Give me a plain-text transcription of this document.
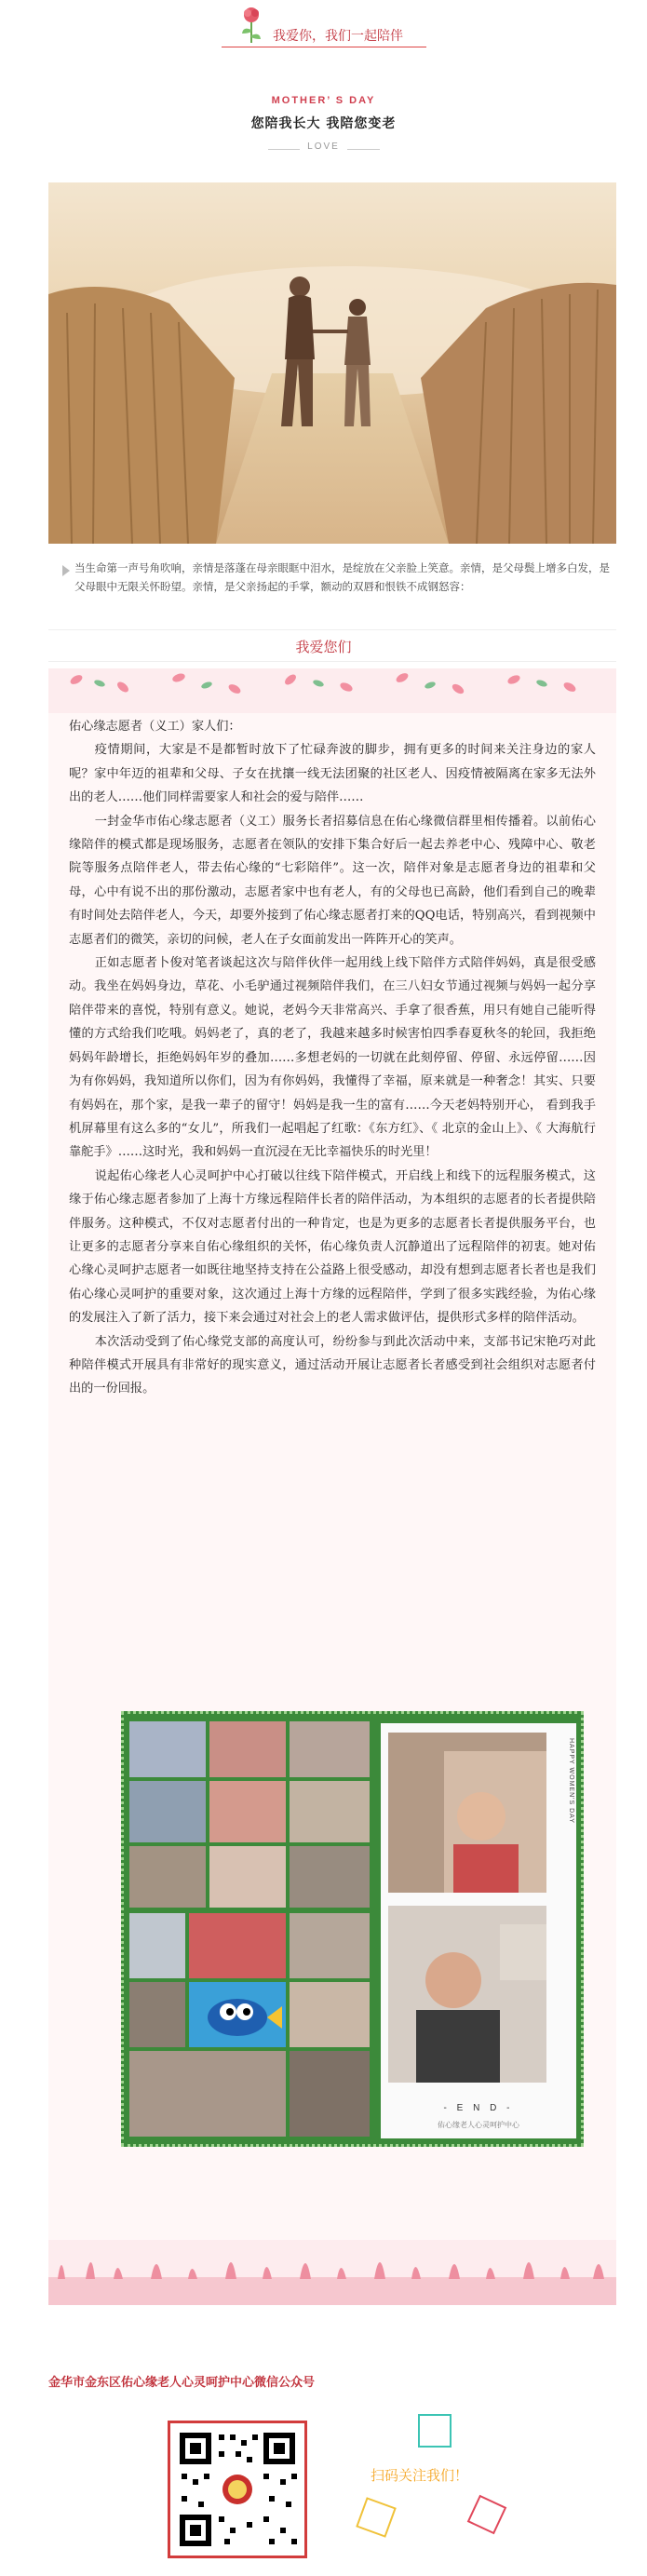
我爱你，我们一起陪伴
MOTHER’ S DAY
您陪我长大 我陪您变老
LOVE
当生命第一声号角吹响，亲情是落蓬在母亲眼眶中泪水，是绽放在父亲脸上笑意。亲情，是父母鬓上增多白发，是父母眼中无限关怀盼望。亲情，是父亲扬起的手掌，额动的双唇和恨铁不成钢怒容：
我爱您们

佑心缘志愿者（义工）家人们：

疫情期间，大家是不是都暂时放下了忙碌奔波的脚步，拥有更多的时间来关注身边的家人呢？家中年迈的祖辈和父母、子女在扰攘一线无法团聚的社区老人、因疫情被隔离在家多无法外出的老人……他们同样需要家人和社会的爱与陪伴……

一封金华市佑心缘志愿者（义工）服务长者招募信息在佑心缘微信群里相传播着。以前佑心缘陪伴的模式都是现场服务，志愿者在领队的安排下集合好后一起去养老中心、残障中心、敬老院等服务点陪伴老人，带去佑心缘的“七彩陪伴”。这一次，陪伴对象是志愿者身边的祖辈和父母，心中有说不出的那份激动，志愿者家中也有老人，有的父母也已高龄，他们看到自己的晚辈有时间处去陪伴老人，今天，却要外接到了佑心缘志愿者打来的QQ电话，特别高兴，看到视频中志愿者们的微笑，亲切的问候，老人在子女面前发出一阵阵开心的笑声。

正如志愿者卜俊对笔者谈起这次与陪伴伙伴一起用线上线下陪伴方式陪伴妈妈，真是很受感动。我坐在妈妈身边，草花、小毛驴通过视频陪伴我们，在三八妇女节通过视频与妈妈一起分享陪伴带来的喜悦，特别有意义。她说，老妈今天非常高兴、手拿了很香蕉，用只有她自己能听得懂的方式给我们吃哦。妈妈老了，真的老了，我越来越多时候害怕四季春夏秋冬的轮回，我拒绝妈妈年龄增长，拒绝妈妈年岁的叠加……多想老妈的一切就在此刻停留、停留、永远停留……因为有你妈妈，我知道所以你们，因为有你妈妈，我懂得了幸福，原来就是一种奢念！其实、只要有妈妈在，那个家，是我一辈子的留守！妈妈是我一生的富有……今天老妈特别开心， 看到我手机屏幕里有这么多的“女儿”，所我们一起唱起了红歌：《东方红》、《 北京的金山上》、《 大海航行靠舵手》……这时光，我和妈妈一直沉浸在无比幸福快乐的时光里！

说起佑心缘老人心灵呵护中心打破以往线下陪伴模式，开启线上和线下的远程服务模式，这缘于佑心缘志愿者参加了上海十方缘远程陪伴长者的陪伴活动，为本组织的志愿者的长者提供陪伴服务。这种模式，不仅对志愿者付出的一种肯定，也是为更多的志愿者长者提供服务平台，也让更多的志愿者分享来自佑心缘组织的关怀，佑心缘负责人沉静道出了远程陪伴的初衷。她对佑心缘心灵呵护志愿者一如既往地坚持支持在公益路上很受感动，却没有想到志愿者长者也是我们佑心缘心灵呵护的重要对象，这次通过上海十方缘的远程陪伴，学到了很多实践经验，为佑心缘的发展注入了新了活力，接下来会通过对社会上的老人需求做评估，提供形式多样的陪伴活动。

本次活动受到了佑心缘党支部的高度认可，纷纷参与到此次活动中来，支部书记宋艳巧对此种陪伴模式开展具有非常好的现实意义，通过活动开展让志愿者长者感受到社会组织对志愿者付出的一份回报。

HAPPY WOMEN'S DAY
- E N D -
佑心缘老人心灵呵护中心
金华市金东区佑心缘老人心灵呵护中心微信公众号
扫码关注我们！
